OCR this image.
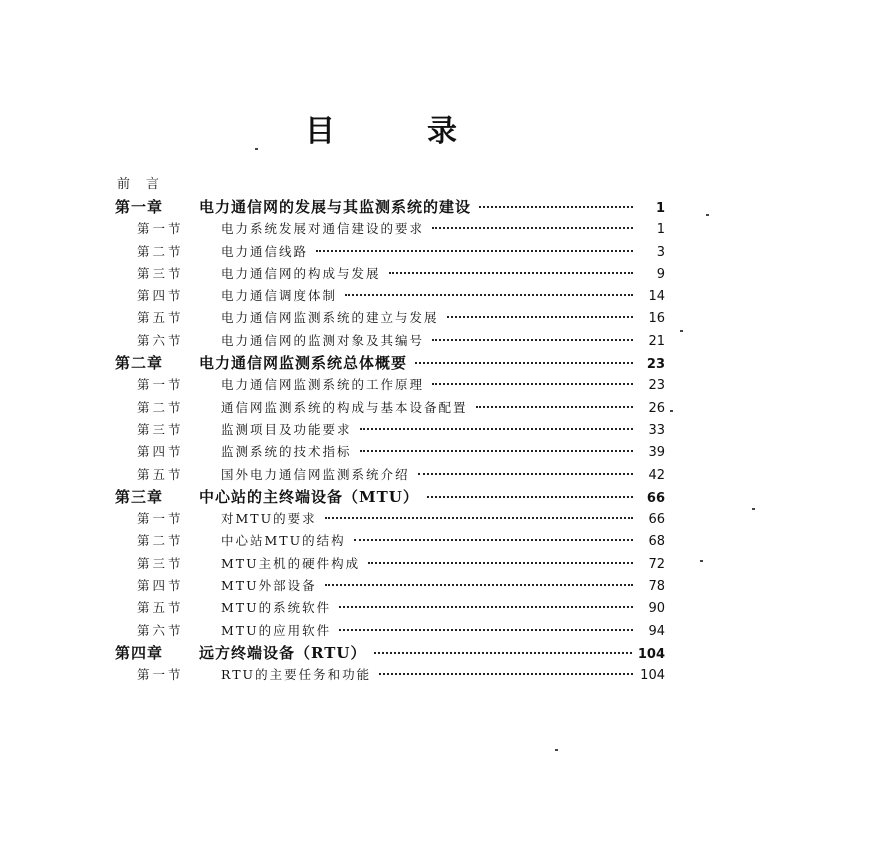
目	录
前言
第一章	电力通信网的发展与其监测系统的建设	1
第一节	电力系统发展对通信建设的要求	1
第二节	电力通信线路	3
第三节	电力通信网的构成与发展	9
第四节	电力通信调度体制	14
第五节	电力通信网监测系统的建立与发展	16
第六节	电力通信网的监测对象及其编号	21
第二章	电力通信网监测系统总体概要	23
第一节	电力通信网监测系统的工作原理	23
第二节	通信网监测系统的构成与基本设备配置	26
第三节	监测项目及功能要求	33
第四节	监测系统的技术指标	39
第五节	国外电力通信网监测系统介绍	42
第三章	中心站的主终端设备（MTU）	66
第一节	对MTU的要求	66
第二节	中心站MTU的结构	68
第三节	MTU主机的硬件构成	72
第四节	MTU外部设备	78
第五节	MTU的系统软件	90
第六节	MTU的应用软件	94
第四章	远方终端设备（RTU）	104
第一节	RTU的主要任务和功能	104
